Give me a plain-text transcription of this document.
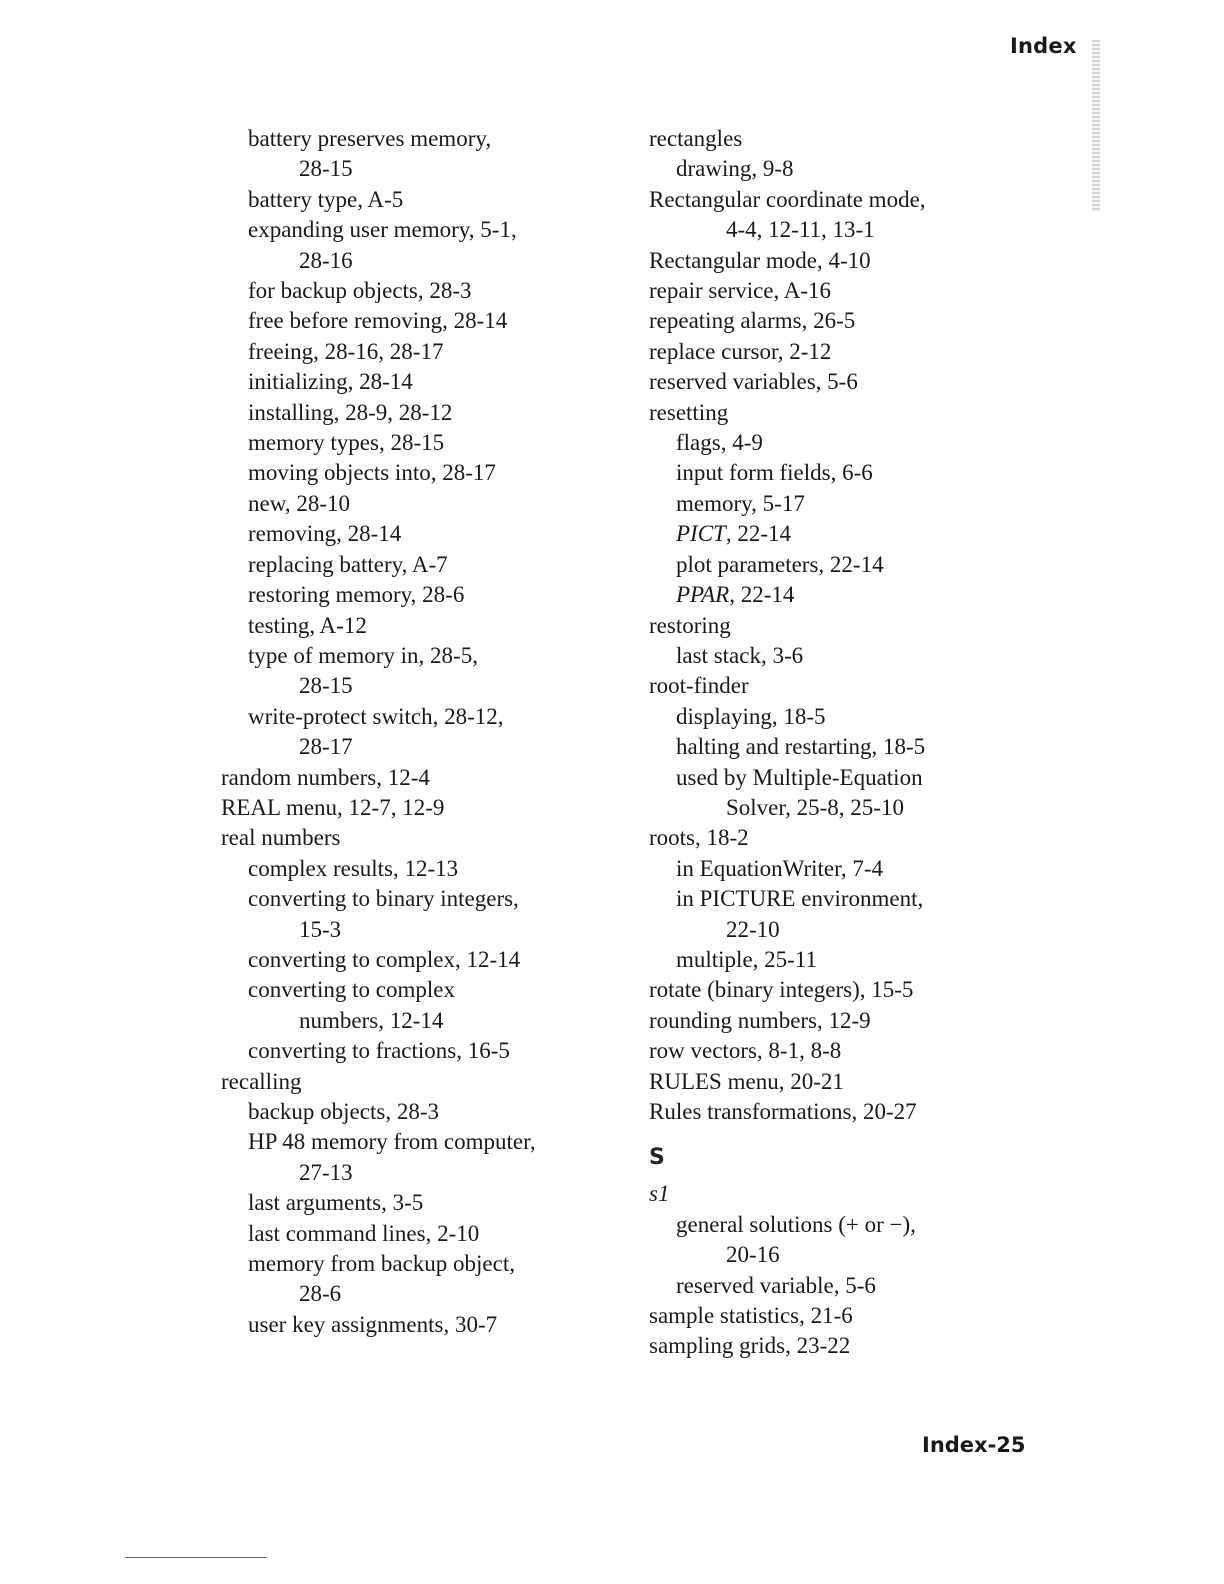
Index
battery preserves memory,
28-15
battery type, A-5
expanding user memory, 5-1,
28-16
for backup objects, 28-3
free before removing, 28-14
freeing, 28-16, 28-17
initializing, 28-14
installing, 28-9, 28-12
memory types, 28-15
moving objects into, 28-17
new, 28-10
removing, 28-14
replacing battery, A-7
restoring memory, 28-6
testing, A-12
type of memory in, 28-5,
28-15
write-protect switch, 28-12,
28-17
random numbers, 12-4
REAL menu, 12-7, 12-9
real numbers
complex results, 12-13
converting to binary integers,
15-3
converting to complex, 12-14
converting to complex
numbers, 12-14
converting to fractions, 16-5
recalling
backup objects, 28-3
HP 48 memory from computer,
27-13
last arguments, 3-5
last command lines, 2-10
memory from backup object,
28-6
user key assignments, 30-7
rectangles
drawing, 9-8
Rectangular coordinate mode,
4-4, 12-11, 13-1
Rectangular mode, 4-10
repair service, A-16
repeating alarms, 26-5
replace cursor, 2-12
reserved variables, 5-6
resetting
flags, 4-9
input form fields, 6-6
memory, 5-17
PICT, 22-14
plot parameters, 22-14
PPAR, 22-14
restoring
last stack, 3-6
root-finder
displaying, 18-5
halting and restarting, 18-5
used by Multiple-Equation
Solver, 25-8, 25-10
roots, 18-2
in EquationWriter, 7-4
in PICTURE environment,
22-10
multiple, 25-11
rotate (binary integers), 15-5
rounding numbers, 12-9
row vectors, 8-1, 8-8
RULES menu, 20-21
Rules transformations, 20-27
S
s1
general solutions (+ or −),
20-16
reserved variable, 5-6
sample statistics, 21-6
sampling grids, 23-22
Index-25
